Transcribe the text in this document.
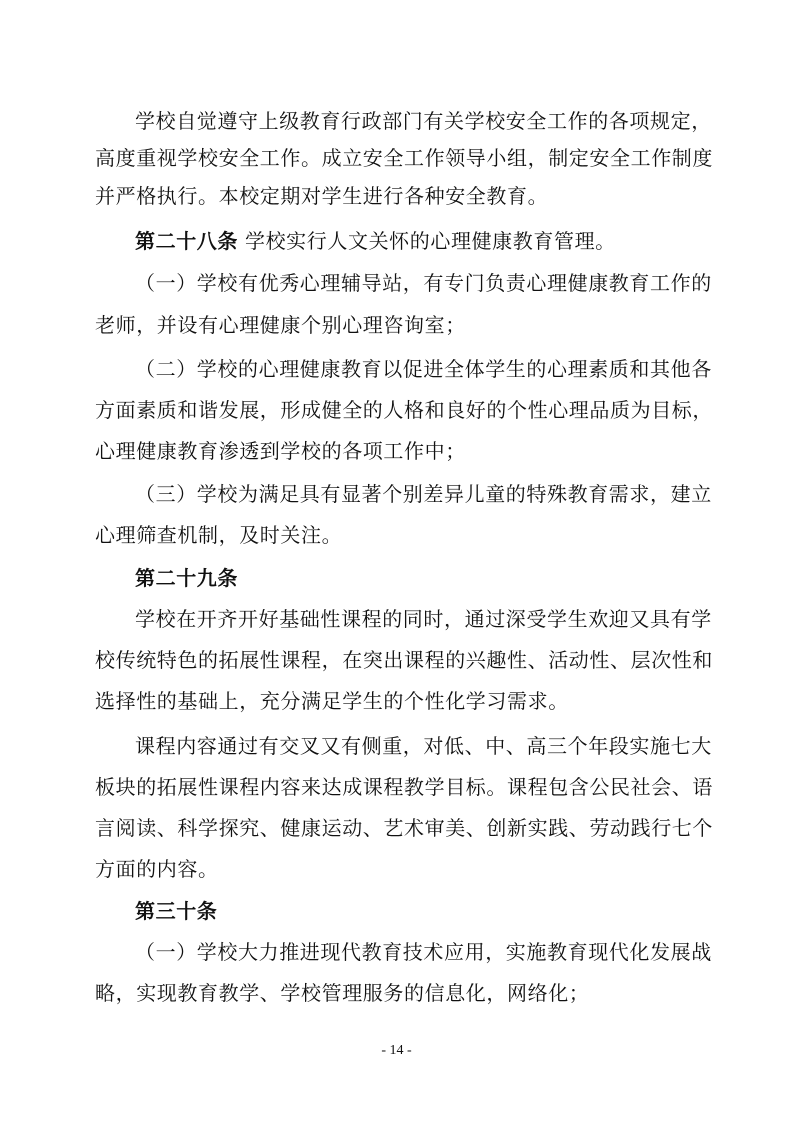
学校自觉遵守上级教育行政部门有关学校安全工作的各项规定，
高度重视学校安全工作。成立安全工作领导小组，制定安全工作制度
并严格执行。本校定期对学生进行各种安全教育。
第二十八条 学校实行人文关怀的心理健康教育管理。
（一）学校有优秀心理辅导站，有专门负责心理健康教育工作的
老师，并设有心理健康个别心理咨询室；
（二）学校的心理健康教育以促进全体学生的心理素质和其他各
方面素质和谐发展，形成健全的人格和良好的个性心理品质为目标，
心理健康教育渗透到学校的各项工作中；
（三）学校为满足具有显著个别差异儿童的特殊教育需求，建立
心理筛查机制，及时关注。
第二十九条
学校在开齐开好基础性课程的同时，通过深受学生欢迎又具有学
校传统特色的拓展性课程，在突出课程的兴趣性、活动性、层次性和
选择性的基础上，充分满足学生的个性化学习需求。
课程内容通过有交叉又有侧重，对低、中、高三个年段实施七大
板块的拓展性课程内容来达成课程教学目标。课程包含公民社会、语
言阅读、科学探究、健康运动、艺术审美、创新实践、劳动践行七个
方面的内容。
第三十条
（一）学校大力推进现代教育技术应用，实施教育现代化发展战
略，实现教育教学、学校管理服务的信息化，网络化；
- 14 -
